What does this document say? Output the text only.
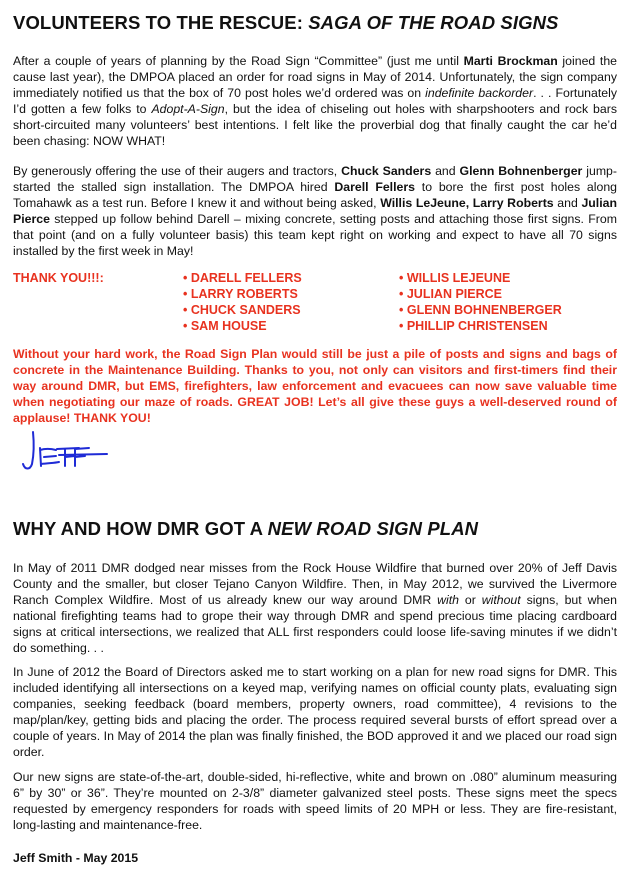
VOLUNTEERS TO THE RESCUE: SAGA OF THE ROAD SIGNS

After a couple of years of planning by the Road Sign “Committee” (just me until Marti Brockman joined the cause last year), the DMPOA placed an order for road signs in May of 2014. Unfortunately, the sign company immediately notified us that the box of 70 post holes we’d ordered was on indefinite backorder. . . Fortunately I’d gotten a few folks to Adopt-A-Sign, but the idea of chiseling out holes with sharpshooters and rock bars short-circuited many volunteers’ best intentions. I felt like the proverbial dog that finally caught the car he’d been chasing: NOW WHAT!

By generously offering the use of their augers and tractors, Chuck Sanders and Glenn Bohnenberger jump-started the stalled sign installation. The DMPOA hired Darell Fellers to bore the first post holes along Tomahawk as a test run. Before I knew it and without being asked, Willis LeJeune, Larry Roberts and Julian Pierce stepped up follow behind Darell – mixing concrete, setting posts and attaching those first signs. From that point (and on a fully volunteer basis) this team kept right on working and expect to have all 70 signs installed by the first week in May!

THANK YOU!!!:	• DARELL FELLERS
• LARRY ROBERTS
• CHUCK SANDERS
• SAM HOUSE
• WILLIS LEJEUNE
• JULIAN PIERCE
• GLENN BOHNENBERGER
• PHILLIP CHRISTENSEN

Without your hard work, the Road Sign Plan would still be just a pile of posts and signs and bags of concrete in the Maintenance Building. Thanks to you, not only can visitors and first-timers find their way around DMR, but EMS, firefighters, law enforcement and evacuees can now save valuable time when negotiating our maze of roads. GREAT JOB! Let’s all give these guys a well-deserved round of applause! THANK YOU!

WHY AND HOW DMR GOT A NEW ROAD SIGN PLAN

In May of 2011 DMR dodged near misses from the Rock House Wildfire that burned over 20% of Jeff Davis County and the smaller, but closer Tejano Canyon Wildfire. Then, in May 2012, we survived the Livermore Ranch Complex Wildfire. Most of us already knew our way around DMR with or without signs, but when national firefighting teams had to grope their way through DMR and spend precious time placing cardboard signs at critical intersections, we realized that ALL first responders could loose life-saving minutes if we didn’t do something. . .

In June of 2012 the Board of Directors asked me to start working on a plan for new road signs for DMR. This included identifying all intersections on a keyed map, verifying names on official county plats, evaluating sign companies, seeking feedback (board members, property owners, road committee), 4 revisions to the map/plan/key, getting bids and placing the order. The process required several bursts of effort spread over a couple of years. In May of 2014 the plan was finally finished, the BOD approved it and we placed our road sign order.

Our new signs are state-of-the-art, double-sided, hi-reflective, white and brown on .080” aluminum measuring 6” by 30” or 36”. They’re mounted on 2-3/8” diameter galvanized steel posts. These signs meet the specs requested by emergency responders for roads with speed limits of 20 MPH or less. They are fire-resistant, long-lasting and maintenance-free.

Jeff Smith - May 2015
